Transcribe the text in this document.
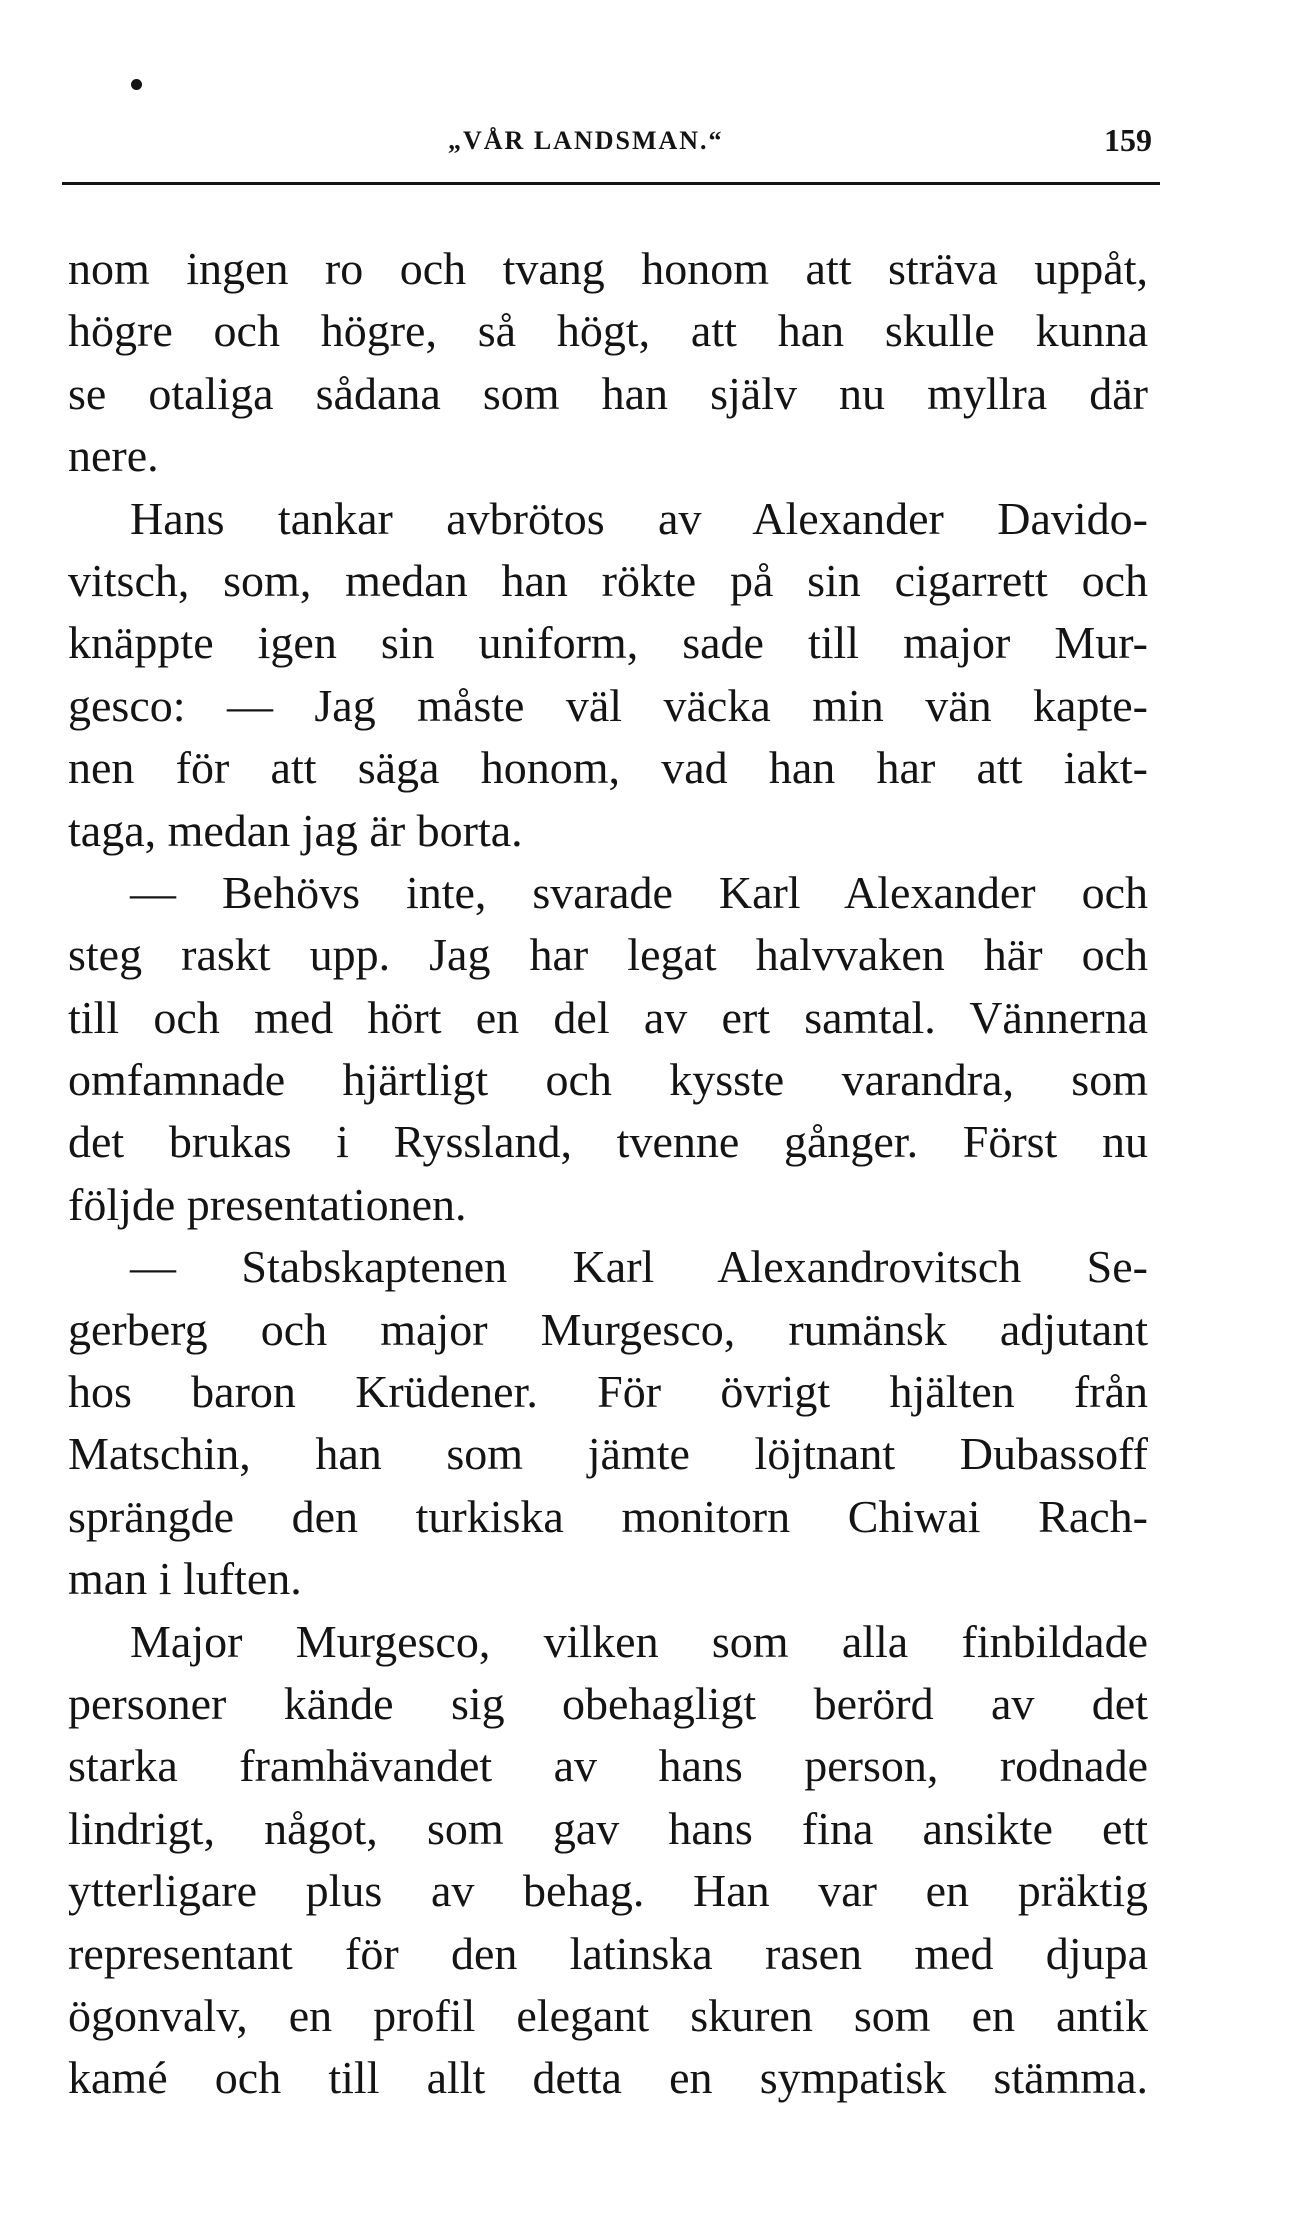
„VÅR LANDSMAN.“	159
nom ingen ro och tvang honom att sträva uppåt,
högre och högre, så högt, att han skulle kunna
se otaliga sådana som han själv nu myllra där
nere.
Hans tankar avbrötos av Alexander Davido-
vitsch, som, medan han rökte på sin cigarrett och
knäppte igen sin uniform, sade till major Mur-
gesco: — Jag måste väl väcka min vän kapte-
nen för att säga honom, vad han har att iakt-
taga, medan jag är borta.
— Behövs inte, svarade Karl Alexander och
steg raskt upp. Jag har legat halvvaken här och
till och med hört en del av ert samtal. Vännerna
omfamnade hjärtligt och kysste varandra, som
det brukas i Ryssland, tvenne gånger. Först nu
följde presentationen.
— Stabskaptenen Karl Alexandrovitsch Se-
gerberg och major Murgesco, rumänsk adjutant
hos baron Krüdener. För övrigt hjälten från
Matschin, han som jämte löjtnant Dubassoff
sprängde den turkiska monitorn Chiwai Rach-
man i luften.
Major Murgesco, vilken som alla finbildade
personer kände sig obehagligt berörd av det
starka framhävandet av hans person, rodnade
lindrigt, något, som gav hans fina ansikte ett
ytterligare plus av behag. Han var en präktig
representant för den latinska rasen med djupa
ögonvalv, en profil elegant skuren som en antik
kamé och till allt detta en sympatisk stämma.
